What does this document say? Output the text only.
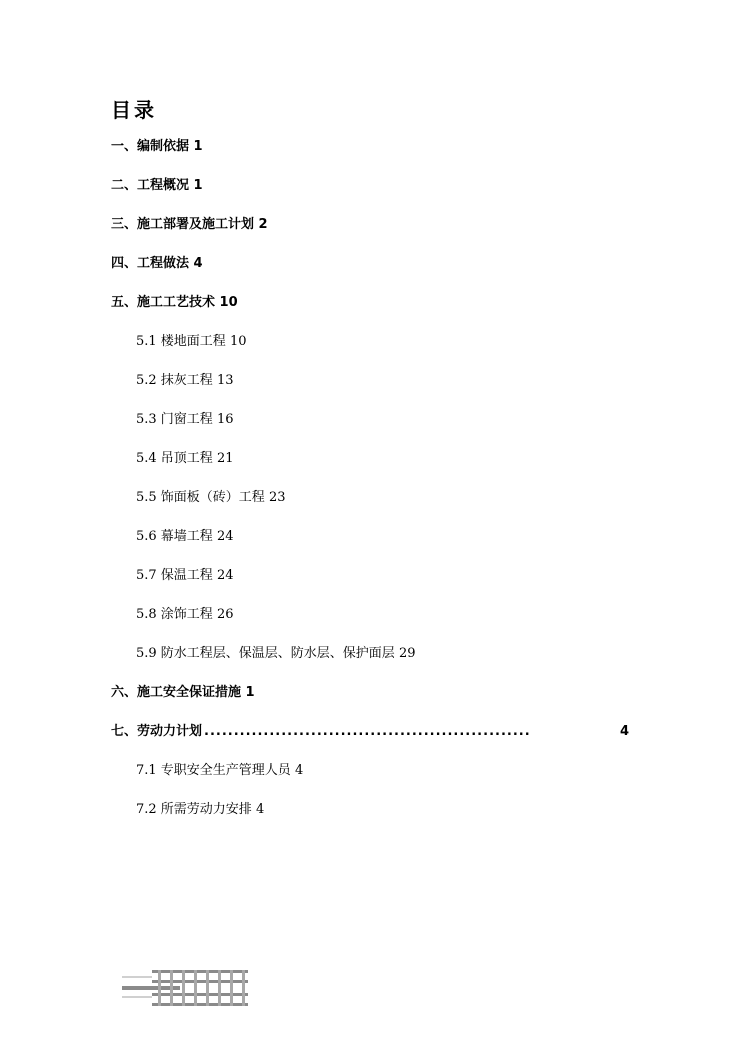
目录
一、编制依据 1
二、工程概况 1
三、施工部署及施工计划 2
四、工程做法 4
五、施工工艺技术 10
5.1 楼地面工程 10
5.2 抹灰工程 13
5.3 门窗工程 16
5.4 吊顶工程 21
5.5 饰面板（砖）工程 23
5.6 幕墙工程 24
5.7 保温工程 24
5.8 涂饰工程 26
5.9 防水工程层、保温层、防水层、保护面层 29
六、施工安全保证措施 1
七、劳动力计划 .......................................................	4
7.1 专职安全生产管理人员 4
7.2 所需劳动力安排 4
